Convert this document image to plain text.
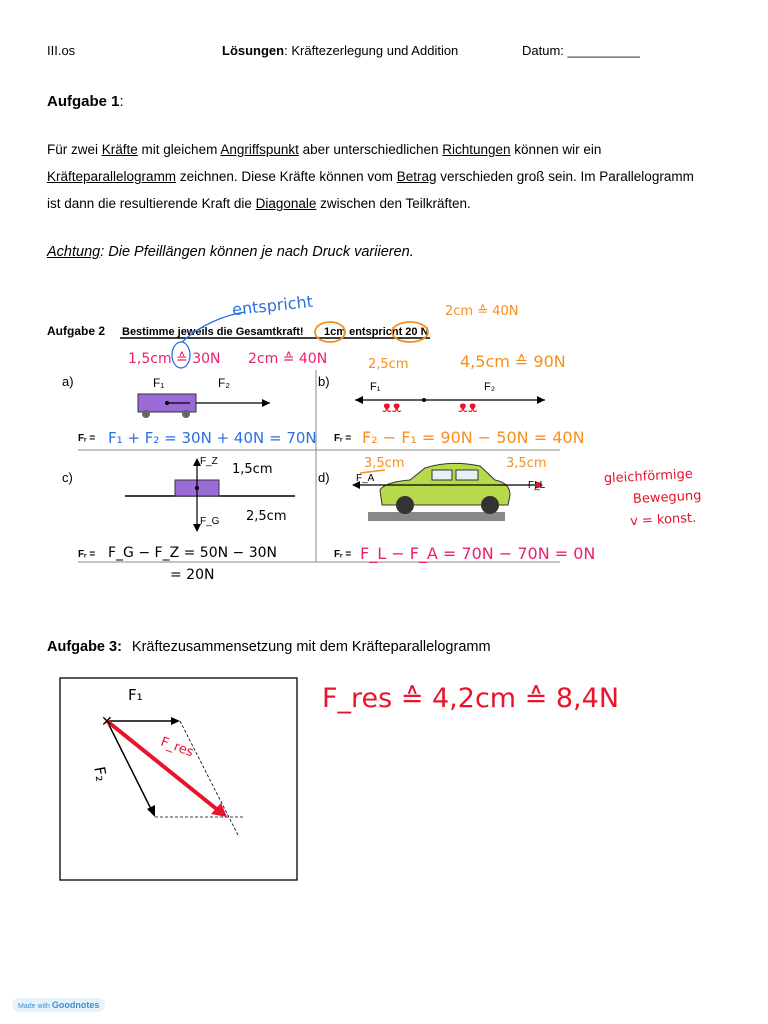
III.os	Lösungen: Kräftezerlegung und Addition	Datum: __________
Aufgabe 1:
Für zwei Kräfte mit gleichem Angriffspunkt aber unterschiedlichen Richtungen können wir ein
Kräfteparallelogramm zeichnen. Diese Kräfte können vom Betrag verschieden groß sein. Im Parallelogramm
ist dann die resultierende Kraft die Diagonale zwischen den Teilkräften.
Achtung: Die Pfeillängen können je nach Druck variieren.
Aufgabe 2 Bestimme jeweils die Gesamtkraft! 1cm entspricht 20 N
ᴥᴥ	ᴥᴥ
entspricht	2cm ≙ 40N
a)	b)
c)	d)
1,5cm ≙ 30N 2cm ≙ 40N
F₁	F₂
Fᵣ = F₁ + F₂ = 30N + 40N = 70N
2,5cm	4,5cm ≙ 90N
F₁	F₂
Fᵣ = F₂ − F₁ = 90N − 50N = 40N
F_Z
F_G
1,5cm
2,5cm
Fᵣ = F_G − F_Z = 50N − 30N
= 20N
3,5cm	3,5cm
F_A
F_L
Fᵣ = F_L − F_A = 70N − 70N = 0N
gleichförmige
Bewegung
v = konst.
Aufgabe 3: Kräftezusammensetzung mit dem Kräfteparallelogramm
✕
F₁
F₂
F_res
F_res ≙ 4,2cm ≙ 8,4N
Made with Goodnotes
